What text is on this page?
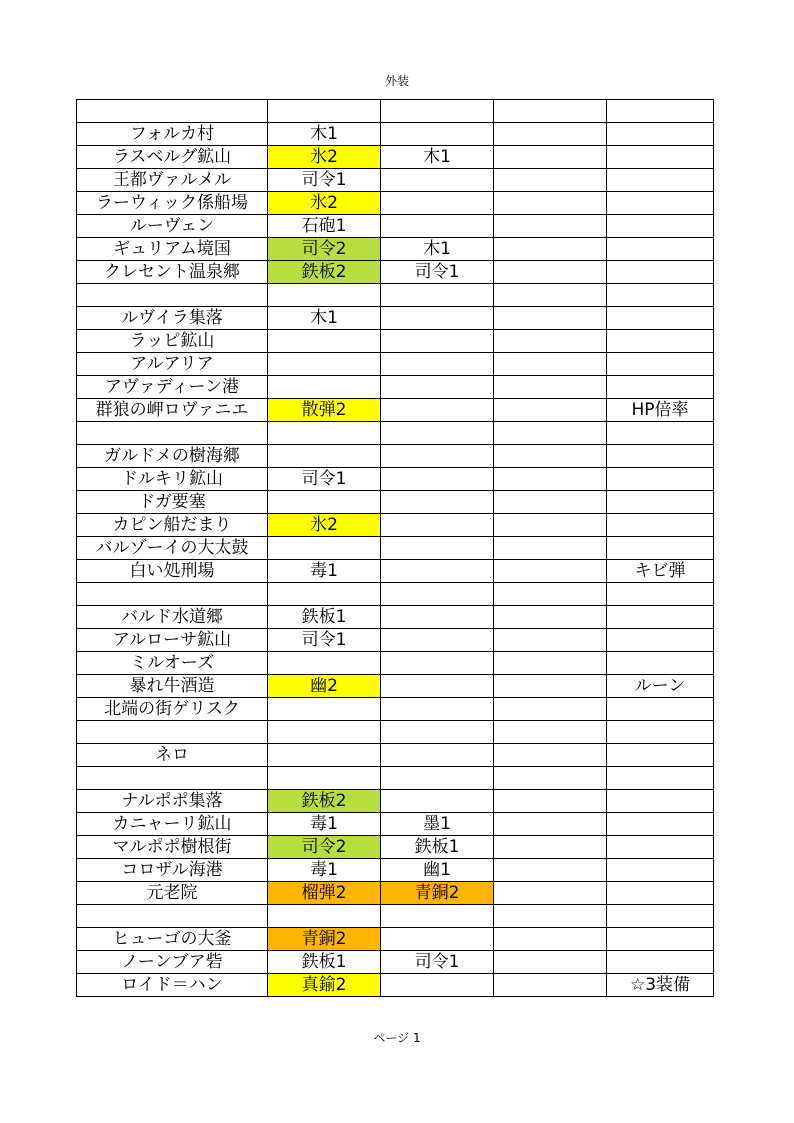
外装

フォルカ村	木1			
ラスベルグ鉱山	氷2	木1		
王都ヴァルメル	司令1			
ラーウィック係船場	氷2			
ルーヴェン	石砲1			
ギュリアム境国	司令2	木1		
クレセント温泉郷	鉄板2	司令1		

ルヴイラ集落	木1			
ラッピ鉱山				
アルアリア				
アヴァディーン港				
群狼の岬ロヴァニエ	散弾2			HP倍率

ガルドメの樹海郷				
ドルキリ鉱山	司令1			
ドガ要塞				
カピン船だまり	氷2			
バルゾーイの大太鼓				
白い処刑場	毒1			キビ弾

バルド水道郷	鉄板1			
アルローサ鉱山	司令1			
ミルオーズ				
暴れ牛酒造	幽2			ルーン
北端の街ゲリスク				

ネロ				

ナルポポ集落	鉄板2			
カニャーリ鉱山	毒1	墨1		
マルポポ樹根街	司令2	鉄板1		
コロザル海港	毒1	幽1		
元老院	榴弾2	青銅2		

ヒューゴの大釜	青銅2			
ノーンブア砦	鉄板1	司令1		
ロイド＝ハン	真鍮2			☆3装備
ページ 1
